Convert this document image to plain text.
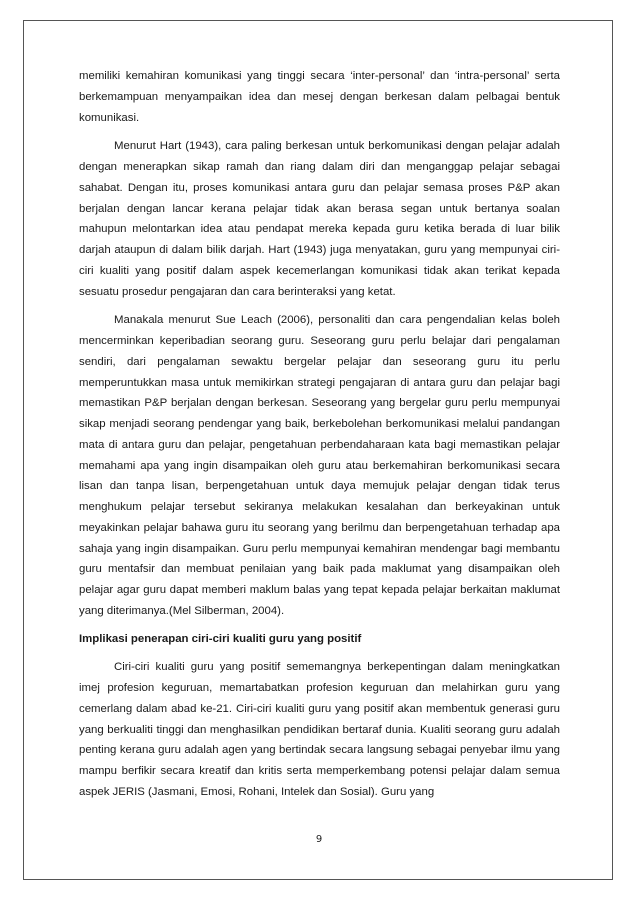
memiliki kemahiran komunikasi yang tinggi secara ‘inter-personal’ dan ‘intra-personal’ serta berkemampuan menyampaikan idea dan mesej dengan berkesan dalam pelbagai bentuk komunikasi.

Menurut Hart (1943), cara paling berkesan untuk berkomunikasi dengan pelajar adalah dengan menerapkan sikap ramah dan riang dalam diri dan menganggap pelajar sebagai sahabat. Dengan itu, proses komunikasi antara guru dan pelajar semasa proses P&P akan berjalan dengan lancar kerana pelajar tidak akan berasa segan untuk bertanya soalan mahupun melontarkan idea atau pendapat mereka kepada guru ketika berada di luar bilik darjah ataupun di dalam bilik darjah. Hart (1943) juga menyatakan, guru yang mempunyai ciri-ciri kualiti yang positif dalam aspek kecemerlangan komunikasi tidak akan terikat kepada sesuatu prosedur pengajaran dan cara berinteraksi yang ketat.

Manakala menurut Sue Leach (2006), personaliti dan cara pengendalian kelas boleh mencerminkan keperibadian seorang guru. Seseorang guru perlu belajar dari pengalaman sendiri, dari pengalaman sewaktu bergelar pelajar dan seseorang guru itu perlu memperuntukkan masa untuk memikirkan strategi pengajaran di antara guru dan pelajar bagi memastikan P&P berjalan dengan berkesan. Seseorang yang bergelar guru perlu mempunyai sikap menjadi seorang pendengar yang baik, berkebolehan berkomunikasi melalui pandangan mata di antara guru dan pelajar, pengetahuan perbendaharaan kata bagi memastikan pelajar memahami apa yang ingin disampaikan oleh guru atau berkemahiran berkomunikasi secara lisan dan tanpa lisan, berpengetahuan untuk daya memujuk pelajar dengan tidak terus menghukum pelajar tersebut sekiranya melakukan kesalahan dan berkeyakinan untuk meyakinkan pelajar bahawa guru itu seorang yang berilmu dan berpengetahuan terhadap apa sahaja yang ingin disampaikan. Guru perlu mempunyai kemahiran mendengar bagi membantu guru mentafsir dan membuat penilaian yang baik pada maklumat yang disampaikan oleh pelajar agar guru dapat memberi maklum balas yang tepat kepada pelajar berkaitan maklumat yang diterimanya.(Mel Silberman, 2004).

Implikasi penerapan ciri-ciri kualiti guru yang positif

Ciri-ciri kualiti guru yang positif sememangnya berkepentingan dalam meningkatkan imej profesion keguruan, memartabatkan profesion keguruan dan melahirkan guru yang cemerlang dalam abad ke-21. Ciri-ciri kualiti guru yang positif akan membentuk generasi guru yang berkualiti tinggi dan menghasilkan pendidikan bertaraf dunia. Kualiti seorang guru adalah penting kerana guru adalah agen yang bertindak secara langsung sebagai penyebar ilmu yang mampu berfikir secara kreatif dan kritis serta memperkembang potensi pelajar dalam semua aspek JERIS (Jasmani, Emosi, Rohani, Intelek dan Sosial). Guru yang

9
